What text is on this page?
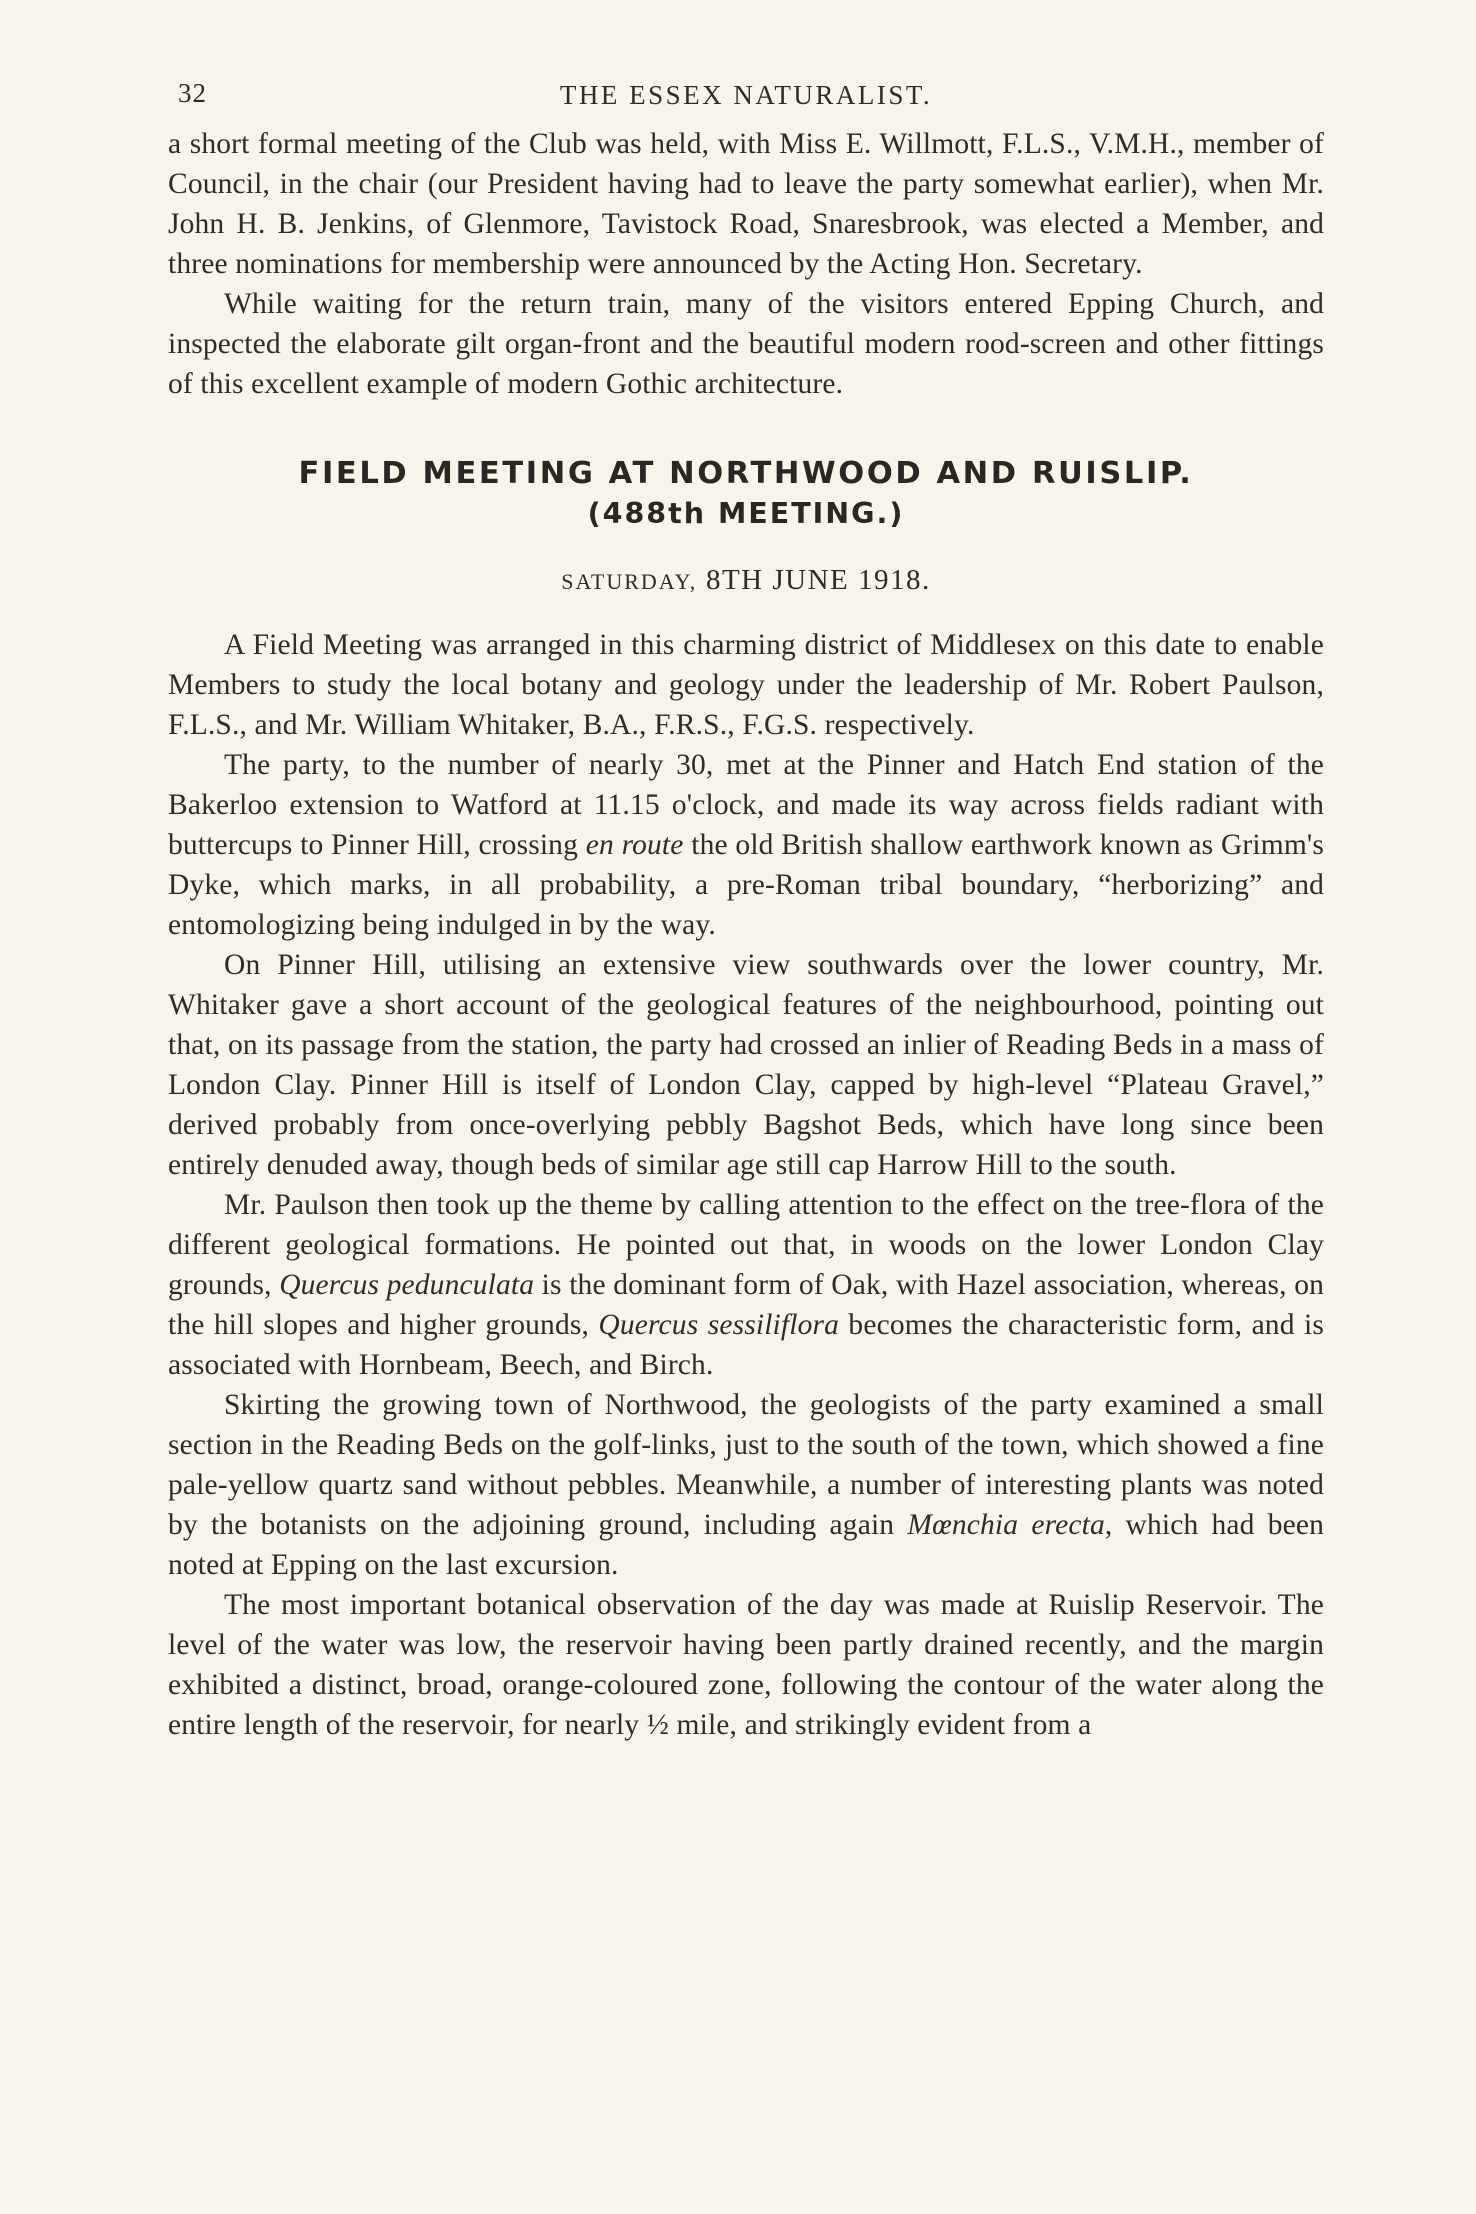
32	THE ESSEX NATURALIST.

a short formal meeting of the Club was held, with Miss E. Willmott, F.L.S., V.M.H., member of Council, in the chair (our President having had to leave the party somewhat earlier), when Mr. John H. B. Jenkins, of Glenmore, Tavistock Road, Snaresbrook, was elected a Member, and three nominations for membership were announced by the Acting Hon. Secretary.

While waiting for the return train, many of the visitors entered Epping Church, and inspected the elaborate gilt organ-front and the beautiful modern rood-screen and other fittings of this excellent example of modern Gothic architecture.

FIELD MEETING AT NORTHWOOD AND RUISLIP.

(488th MEETING.)

SATURDAY, 8TH JUNE 1918.

A Field Meeting was arranged in this charming district of Middlesex on this date to enable Members to study the local botany and geology under the leadership of Mr. Robert Paulson, F.L.S., and Mr. William Whitaker, B.A., F.R.S., F.G.S. respectively.

The party, to the number of nearly 30, met at the Pinner and Hatch End station of the Bakerloo extension to Watford at 11.15 o'clock, and made its way across fields radiant with buttercups to Pinner Hill, crossing en route the old British shallow earthwork known as Grimm's Dyke, which marks, in all probability, a pre-Roman tribal boundary, “herborizing” and entomologizing being indulged in by the way.

On Pinner Hill, utilising an extensive view southwards over the lower country, Mr. Whitaker gave a short account of the geological features of the neighbourhood, pointing out that, on its passage from the station, the party had crossed an inlier of Reading Beds in a mass of London Clay. Pinner Hill is itself of London Clay, capped by high-level “Plateau Gravel,” derived probably from once-overlying pebbly Bagshot Beds, which have long since been entirely denuded away, though beds of similar age still cap Harrow Hill to the south.

Mr. Paulson then took up the theme by calling attention to the effect on the tree-flora of the different geological formations. He pointed out that, in woods on the lower London Clay grounds, Quercus pedunculata is the dominant form of Oak, with Hazel association, whereas, on the hill slopes and higher grounds, Quercus sessiliflora becomes the characteristic form, and is associated with Hornbeam, Beech, and Birch.

Skirting the growing town of Northwood, the geologists of the party examined a small section in the Reading Beds on the golf-links, just to the south of the town, which showed a fine pale-yellow quartz sand without pebbles. Meanwhile, a number of interesting plants was noted by the botanists on the adjoining ground, including again Mœnchia erecta, which had been noted at Epping on the last excursion.

The most important botanical observation of the day was made at Ruislip Reservoir. The level of the water was low, the reservoir having been partly drained recently, and the margin exhibited a distinct, broad, orange-coloured zone, following the contour of the water along the entire length of the reservoir, for nearly ½ mile, and strikingly evident from a
